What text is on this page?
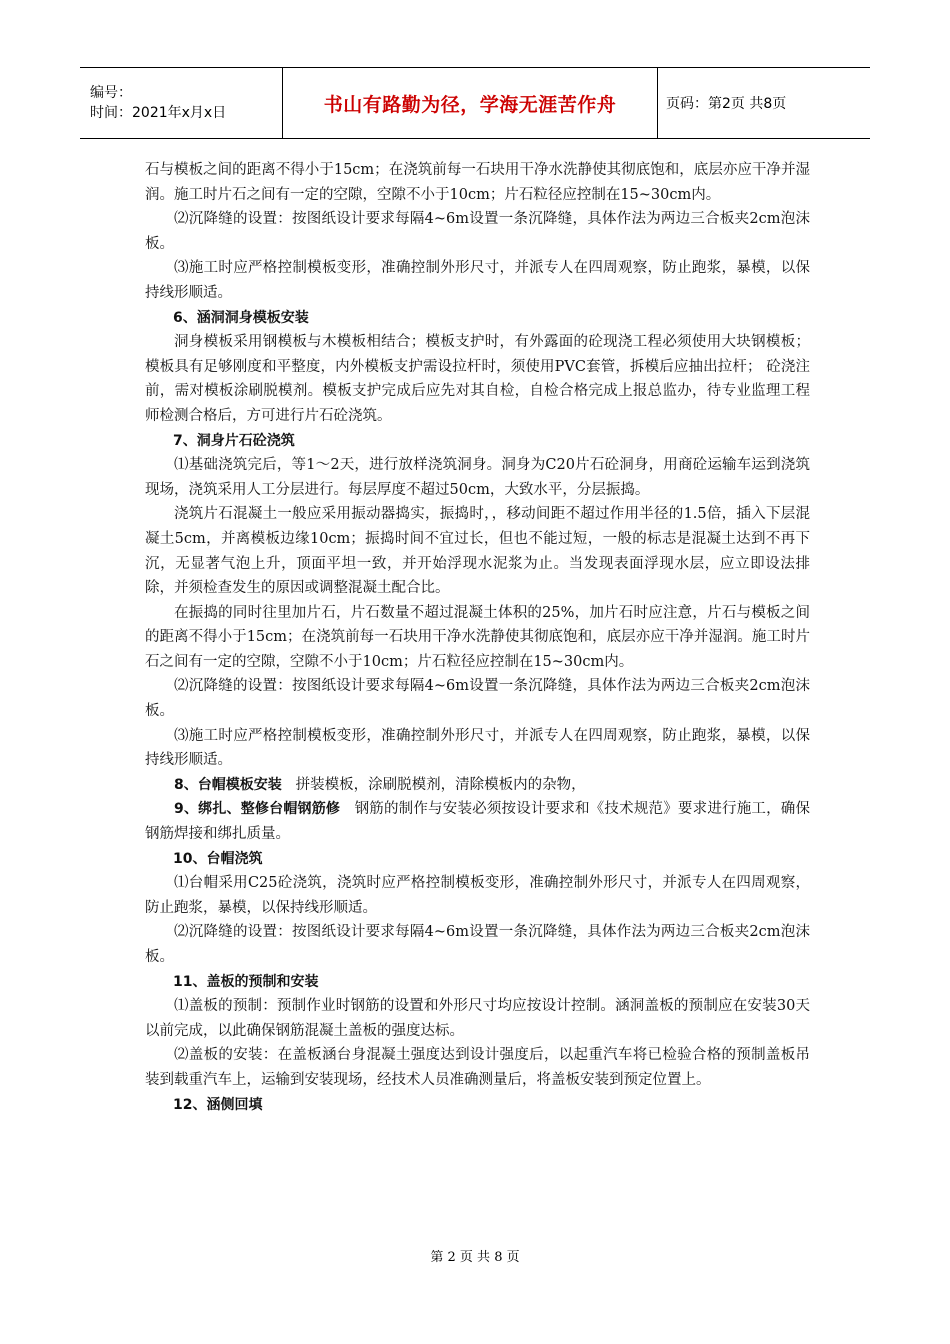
编号：
时间：2021年x月x日	书山有路勤为径，学海无涯苦作舟	页码：第2页 共8页

石与模板之间的距离不得小于15cm；在浇筑前每一石块用干净水洗静使其彻底饱和，底层亦应干净并湿润。施工时片石之间有一定的空隙，空隙不小于10cm；片石粒径应控制在15~30cm内。

⑵沉降缝的设置：按图纸设计要求每隔4~6m设置一条沉降缝，具体作法为两边三合板夹2cm泡沫板。

⑶施工时应严格控制模板变形，准确控制外形尺寸，并派专人在四周观察，防止跑浆，暴模，以保持线形顺适。

6、涵洞洞身模板安装

洞身模板采用钢模板与木模板相结合；模板支护时，有外露面的砼现浇工程必须使用大块钢模板； 模板具有足够刚度和平整度，内外模板支护需设拉杆时，须使用PVC套管，拆模后应抽出拉杆； 砼浇注前，需对模板涂刷脱模剂。模板支护完成后应先对其自检，自检合格完成上报总监办，待专业监理工程师检测合格后，方可进行片石砼浇筑。

7、洞身片石砼浇筑

⑴基础浇筑完后，等1～2天，进行放样浇筑洞身。洞身为C20片石砼洞身，用商砼运输车运到浇筑现场，浇筑采用人工分层进行。每层厚度不超过50cm，大致水平，分层振捣。

浇筑片石混凝土一般应采用振动器捣实，振捣时，，移动间距不超过作用半径的1.5倍，插入下层混凝土5cm，并离模板边缘10cm；振捣时间不宜过长，但也不能过短，一般的标志是混凝土达到不再下沉，无显著气泡上升，顶面平坦一致，并开始浮现水泥浆为止。当发现表面浮现水层，应立即设法排除，并须检查发生的原因或调整混凝土配合比。

在振捣的同时往里加片石，片石数量不超过混凝土体积的25%，加片石时应注意，片石与模板之间的距离不得小于15cm；在浇筑前每一石块用干净水洗静使其彻底饱和，底层亦应干净并湿润。施工时片石之间有一定的空隙，空隙不小于10cm；片石粒径应控制在15~30cm内。

⑵沉降缝的设置：按图纸设计要求每隔4~6m设置一条沉降缝，具体作法为两边三合板夹2cm泡沫板。

⑶施工时应严格控制模板变形，准确控制外形尺寸，并派专人在四周观察，防止跑浆，暴模，以保持线形顺适。

8、台帽模板安装 拼装模板，涂刷脱模剂，清除模板内的杂物，

9、绑扎、整修台帽钢筋修 钢筋的制作与安装必须按设计要求和《技术规范》要求进行施工，确保钢筋焊接和绑扎质量。

10、台帽浇筑

⑴台帽采用C25砼浇筑，浇筑时应严格控制模板变形，准确控制外形尺寸，并派专人在四周观察，防止跑浆，暴模，以保持线形顺适。

⑵沉降缝的设置：按图纸设计要求每隔4~6m设置一条沉降缝，具体作法为两边三合板夹2cm泡沫板。

11、盖板的预制和安装

⑴盖板的预制：预制作业时钢筋的设置和外形尺寸均应按设计控制。涵洞盖板的预制应在安装30天以前完成，以此确保钢筋混凝土盖板的强度达标。

⑵盖板的安装：在盖板涵台身混凝土强度达到设计强度后，以起重汽车将已检验合格的预制盖板吊装到载重汽车上，运输到安装现场，经技术人员准确测量后，将盖板安装到预定位置上。

12、涵侧回填

第 2 页 共 8 页
